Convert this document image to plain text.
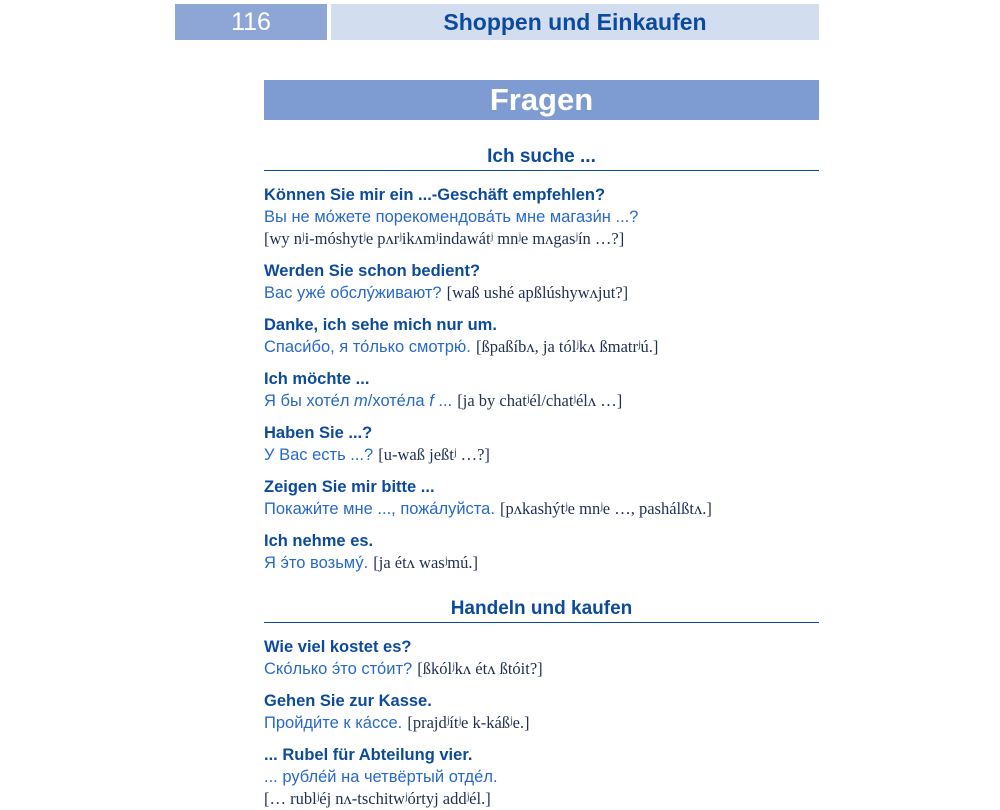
116	Shoppen und Einkaufen
Fragen
Ich suche ...
Können Sie mir ein ...-Geschäft empfehlen?
Вы не мо́жете порекомендова́ть мне магази́н ...?
[wy nʲi-móshytʲe pʌrʲikʌmʲindawátʲ mnʲe mʌgasʲín …?]
Werden Sie schon bedient?
Вас уже́ обслу́живают? [waß ushé apßlúshywʌjut?]
Danke, ich sehe mich nur um.
Спаси́бо, я то́лько смотрю́. [ßpaßíbʌ, ja tólʲkʌ ßmatrʲú.]
Ich möchte ...
Я бы хоте́л m/хоте́ла f ... [ja by chatʲél/chatʲélʌ …]
Haben Sie ...?
У Вас есть ...? [u-waß jeßtʲ …?]
Zeigen Sie mir bitte ...
Покажи́те мне ..., пожа́луйста. [pʌkashýtʲe mnʲe …, pashálßtʌ.]
Ich nehme es.
Я э́то возьму́. [ja étʌ wasʲmú.]
Handeln und kaufen
Wie viel kostet es?
Ско́лько э́то сто́ит? [ßkólʲkʌ étʌ ßtóit?]
Gehen Sie zur Kasse.
Пройди́те к ка́ссе. [prajdʲítʲe k-káßʲe.]
... Rubel für Abteilung vier.
... рубле́й на четвёртый отде́л.
[… rublʲéj nʌ-tschitwʲórtyj addʲél.]
